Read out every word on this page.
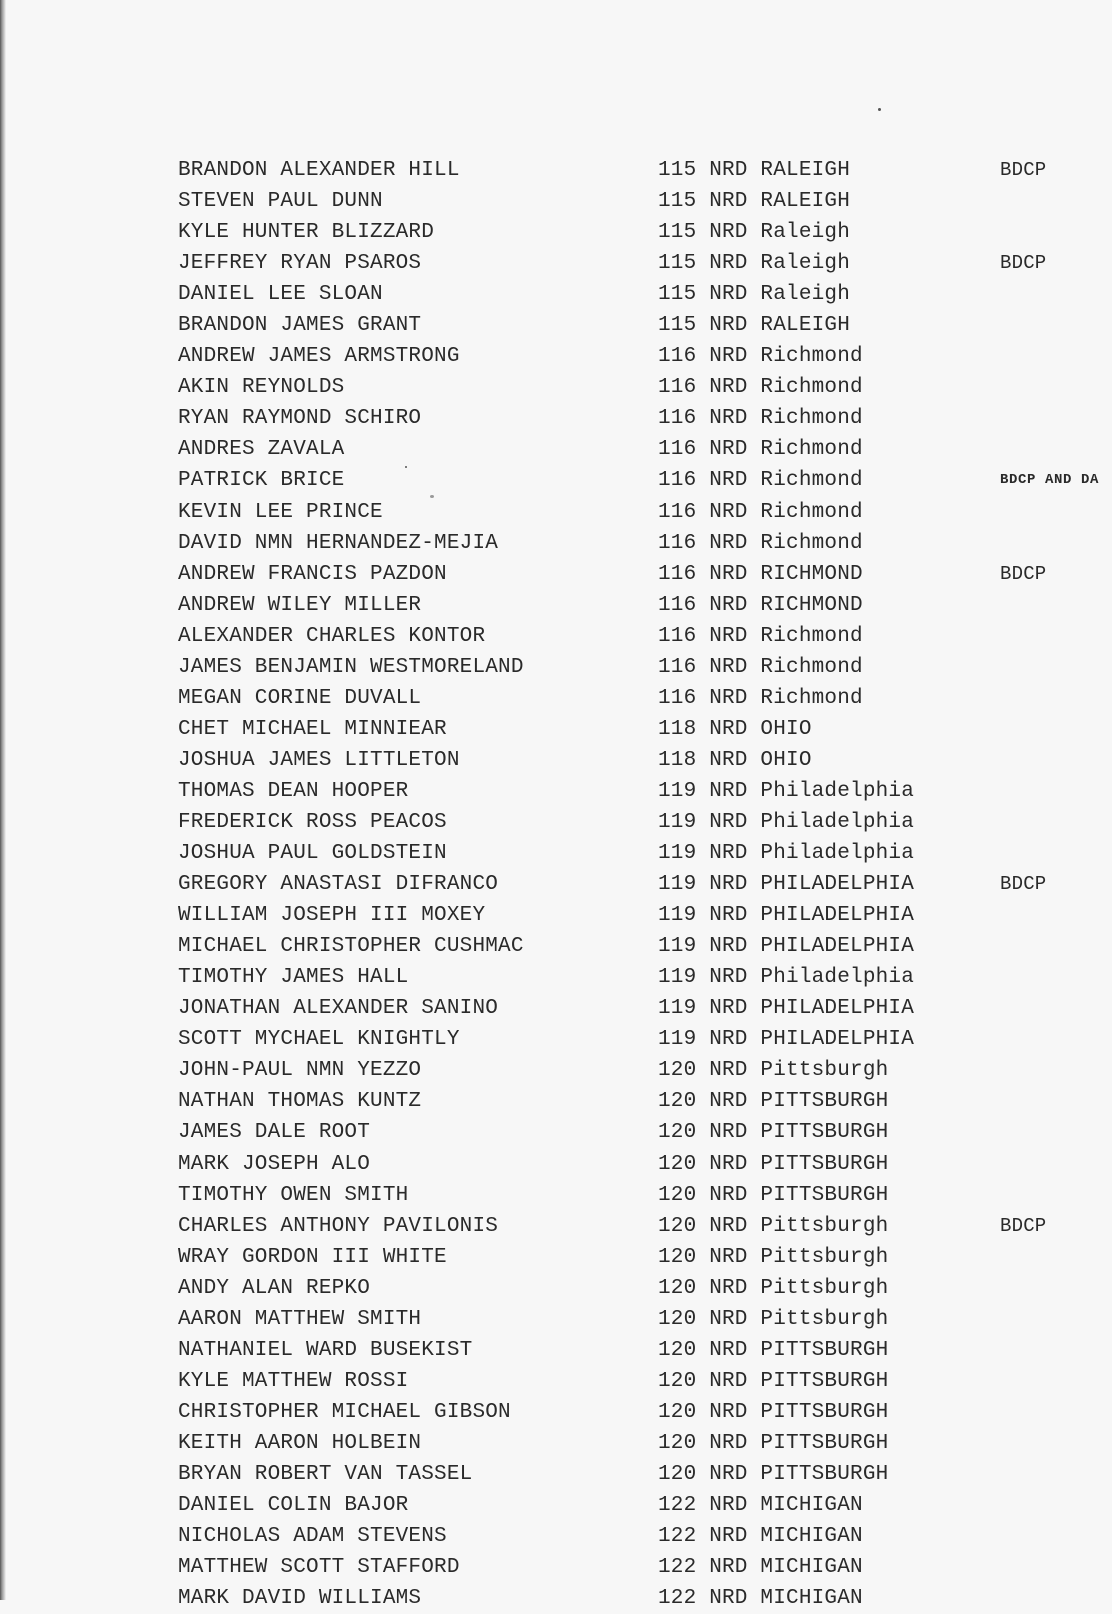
BRANDON ALEXANDER HILL	115 NRD RALEIGH	BDCP
STEVEN PAUL DUNN	115 NRD RALEIGH
KYLE HUNTER BLIZZARD	115 NRD Raleigh
JEFFREY RYAN PSAROS	115 NRD Raleigh	BDCP
DANIEL LEE SLOAN	115 NRD Raleigh
BRANDON JAMES GRANT	115 NRD RALEIGH
ANDREW JAMES ARMSTRONG	116 NRD Richmond
AKIN REYNOLDS	116 NRD Richmond
RYAN RAYMOND SCHIRO	116 NRD Richmond
ANDRES ZAVALA	116 NRD Richmond
PATRICK BRICE	116 NRD Richmond	BDCP AND DA
KEVIN LEE PRINCE	116 NRD Richmond
DAVID NMN HERNANDEZ-MEJIA	116 NRD Richmond
ANDREW FRANCIS PAZDON	116 NRD RICHMOND	BDCP
ANDREW WILEY MILLER	116 NRD RICHMOND
ALEXANDER CHARLES KONTOR	116 NRD Richmond
JAMES BENJAMIN WESTMORELAND	116 NRD Richmond
MEGAN CORINE DUVALL	116 NRD Richmond
CHET MICHAEL MINNIEAR	118 NRD OHIO
JOSHUA JAMES LITTLETON	118 NRD OHIO
THOMAS DEAN HOOPER	119 NRD Philadelphia
FREDERICK ROSS PEACOS	119 NRD Philadelphia
JOSHUA PAUL GOLDSTEIN	119 NRD Philadelphia
GREGORY ANASTASI DIFRANCO	119 NRD PHILADELPHIA	BDCP
WILLIAM JOSEPH III MOXEY	119 NRD PHILADELPHIA
MICHAEL CHRISTOPHER CUSHMAC	119 NRD PHILADELPHIA
TIMOTHY JAMES HALL	119 NRD Philadelphia
JONATHAN ALEXANDER SANINO	119 NRD PHILADELPHIA
SCOTT MYCHAEL KNIGHTLY	119 NRD PHILADELPHIA
JOHN-PAUL NMN YEZZO	120 NRD Pittsburgh
NATHAN THOMAS KUNTZ	120 NRD PITTSBURGH
JAMES DALE ROOT	120 NRD PITTSBURGH
MARK JOSEPH ALO	120 NRD PITTSBURGH
TIMOTHY OWEN SMITH	120 NRD PITTSBURGH
CHARLES ANTHONY PAVILONIS	120 NRD Pittsburgh	BDCP
WRAY GORDON III WHITE	120 NRD Pittsburgh
ANDY ALAN REPKO	120 NRD Pittsburgh
AARON MATTHEW SMITH	120 NRD Pittsburgh
NATHANIEL WARD BUSEKIST	120 NRD PITTSBURGH
KYLE MATTHEW ROSSI	120 NRD PITTSBURGH
CHRISTOPHER MICHAEL GIBSON	120 NRD PITTSBURGH
KEITH AARON HOLBEIN	120 NRD PITTSBURGH
BRYAN ROBERT VAN TASSEL	120 NRD PITTSBURGH
DANIEL COLIN BAJOR	122 NRD MICHIGAN
NICHOLAS ADAM STEVENS	122 NRD MICHIGAN
MATTHEW SCOTT STAFFORD	122 NRD MICHIGAN
MARK DAVID WILLIAMS	122 NRD MICHIGAN
